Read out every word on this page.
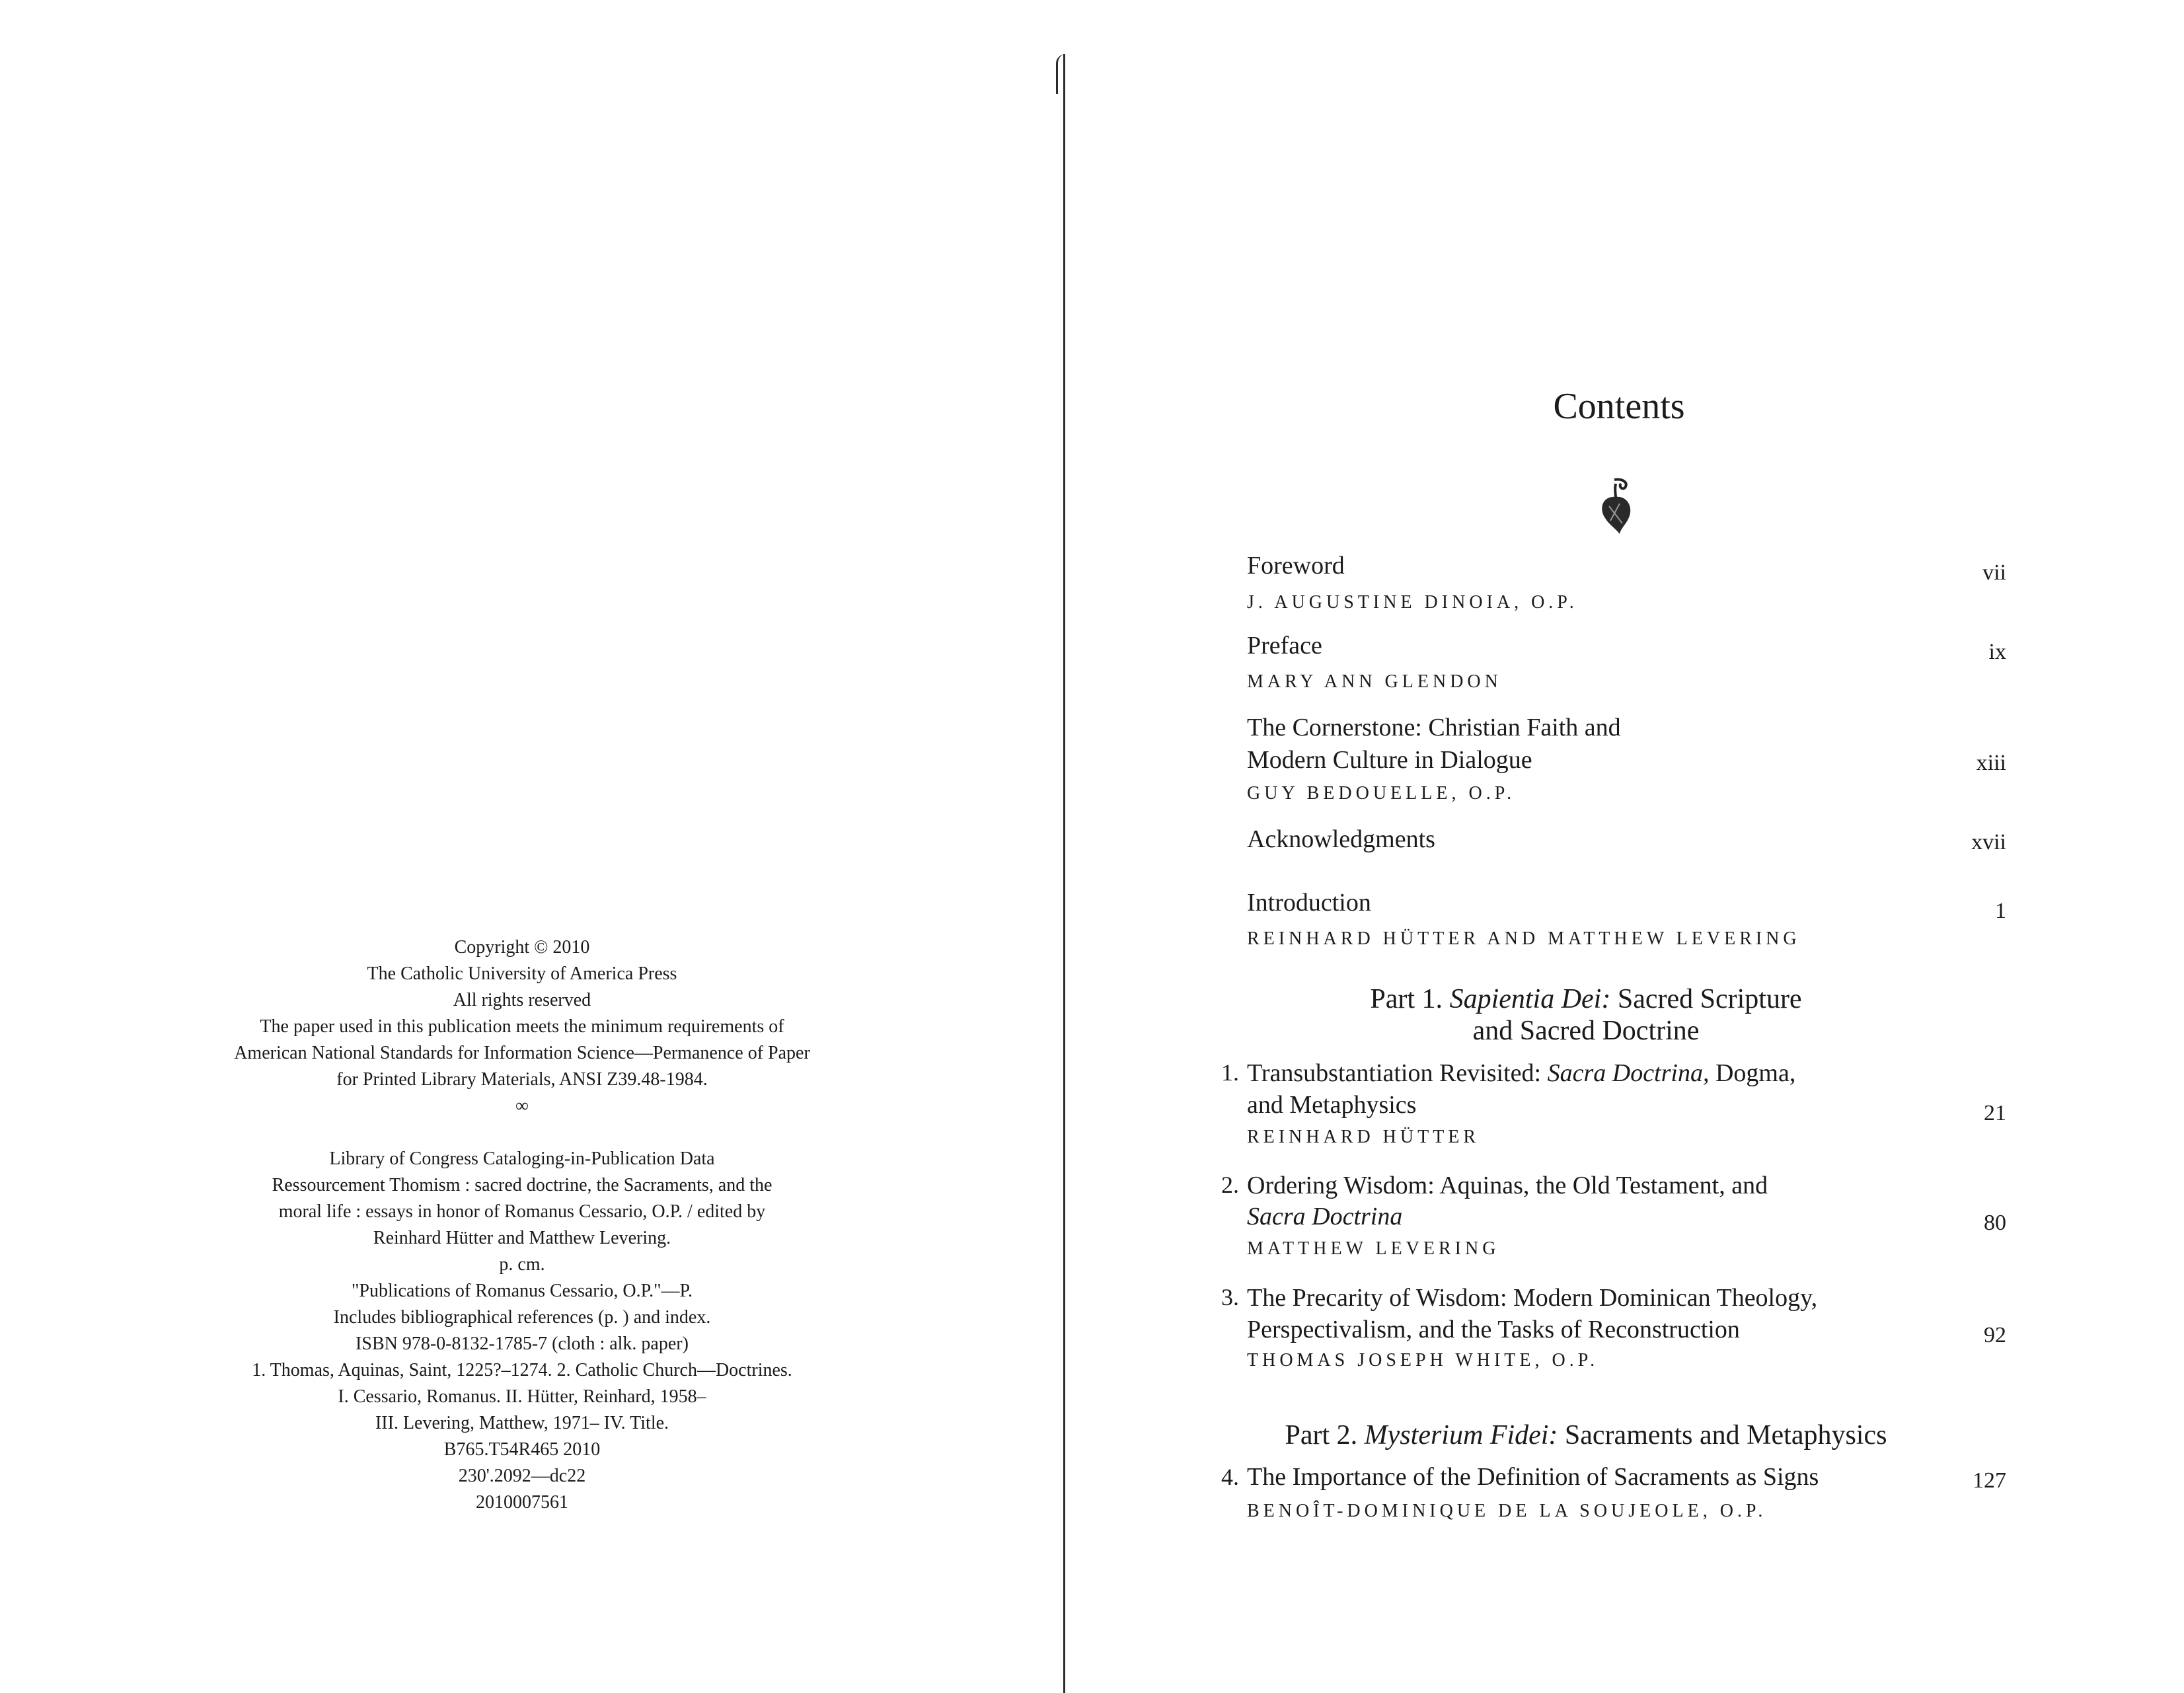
Copyright © 2010

The Catholic University of America Press

All rights reserved

The paper used in this publication meets the minimum requirements of

American National Standards for Information Science—Permanence of Paper

for Printed Library Materials, ANSI Z39.48-1984.

∞

Library of Congress Cataloging-in-Publication Data

Ressourcement Thomism : sacred doctrine, the Sacraments, and the

moral life : essays in honor of Romanus Cessario, O.P. / edited by

Reinhard Hütter and Matthew Levering.

p. cm.

"Publications of Romanus Cessario, O.P."—P.

Includes bibliographical references (p. ) and index.

ISBN 978-0-8132-1785-7 (cloth : alk. paper)

1. Thomas, Aquinas, Saint, 1225?–1274. 2. Catholic Church—Doctrines.

I. Cessario, Romanus. II. Hütter, Reinhard, 1958–

III. Levering, Matthew, 1971– IV. Title.

B765.T54R465 2010

230'.2092—dc22

2010007561

Contents
Foreword
J. AUGUSTINE DINOIA, O.P.
vii
Preface
MARY ANN GLENDON
ix
The Cornerstone: Christian Faith and
Modern Culture in Dialogue
GUY BEDOUELLE, O.P.
xiii
Acknowledgments	xvii
Introduction
REINHARD HÜTTER AND MATTHEW LEVERING
1
Part 1. Sapientia Dei: Sacred Scripture
and Sacred Doctrine
1. Transubstantiation Revisited: Sacra Doctrina, Dogma,
and Metaphysics
REINHARD HÜTTER
21
2. Ordering Wisdom: Aquinas, the Old Testament, and
Sacra Doctrina
MATTHEW LEVERING
80
3. The Precarity of Wisdom: Modern Dominican Theology,
Perspectivalism, and the Tasks of Reconstruction
THOMAS JOSEPH WHITE, O.P.
92
Part 2. Mysterium Fidei: Sacraments and Metaphysics
4. The Importance of the Definition of Sacraments as Signs
BENOÎT-DOMINIQUE DE LA SOUJEOLE, O.P.
127
